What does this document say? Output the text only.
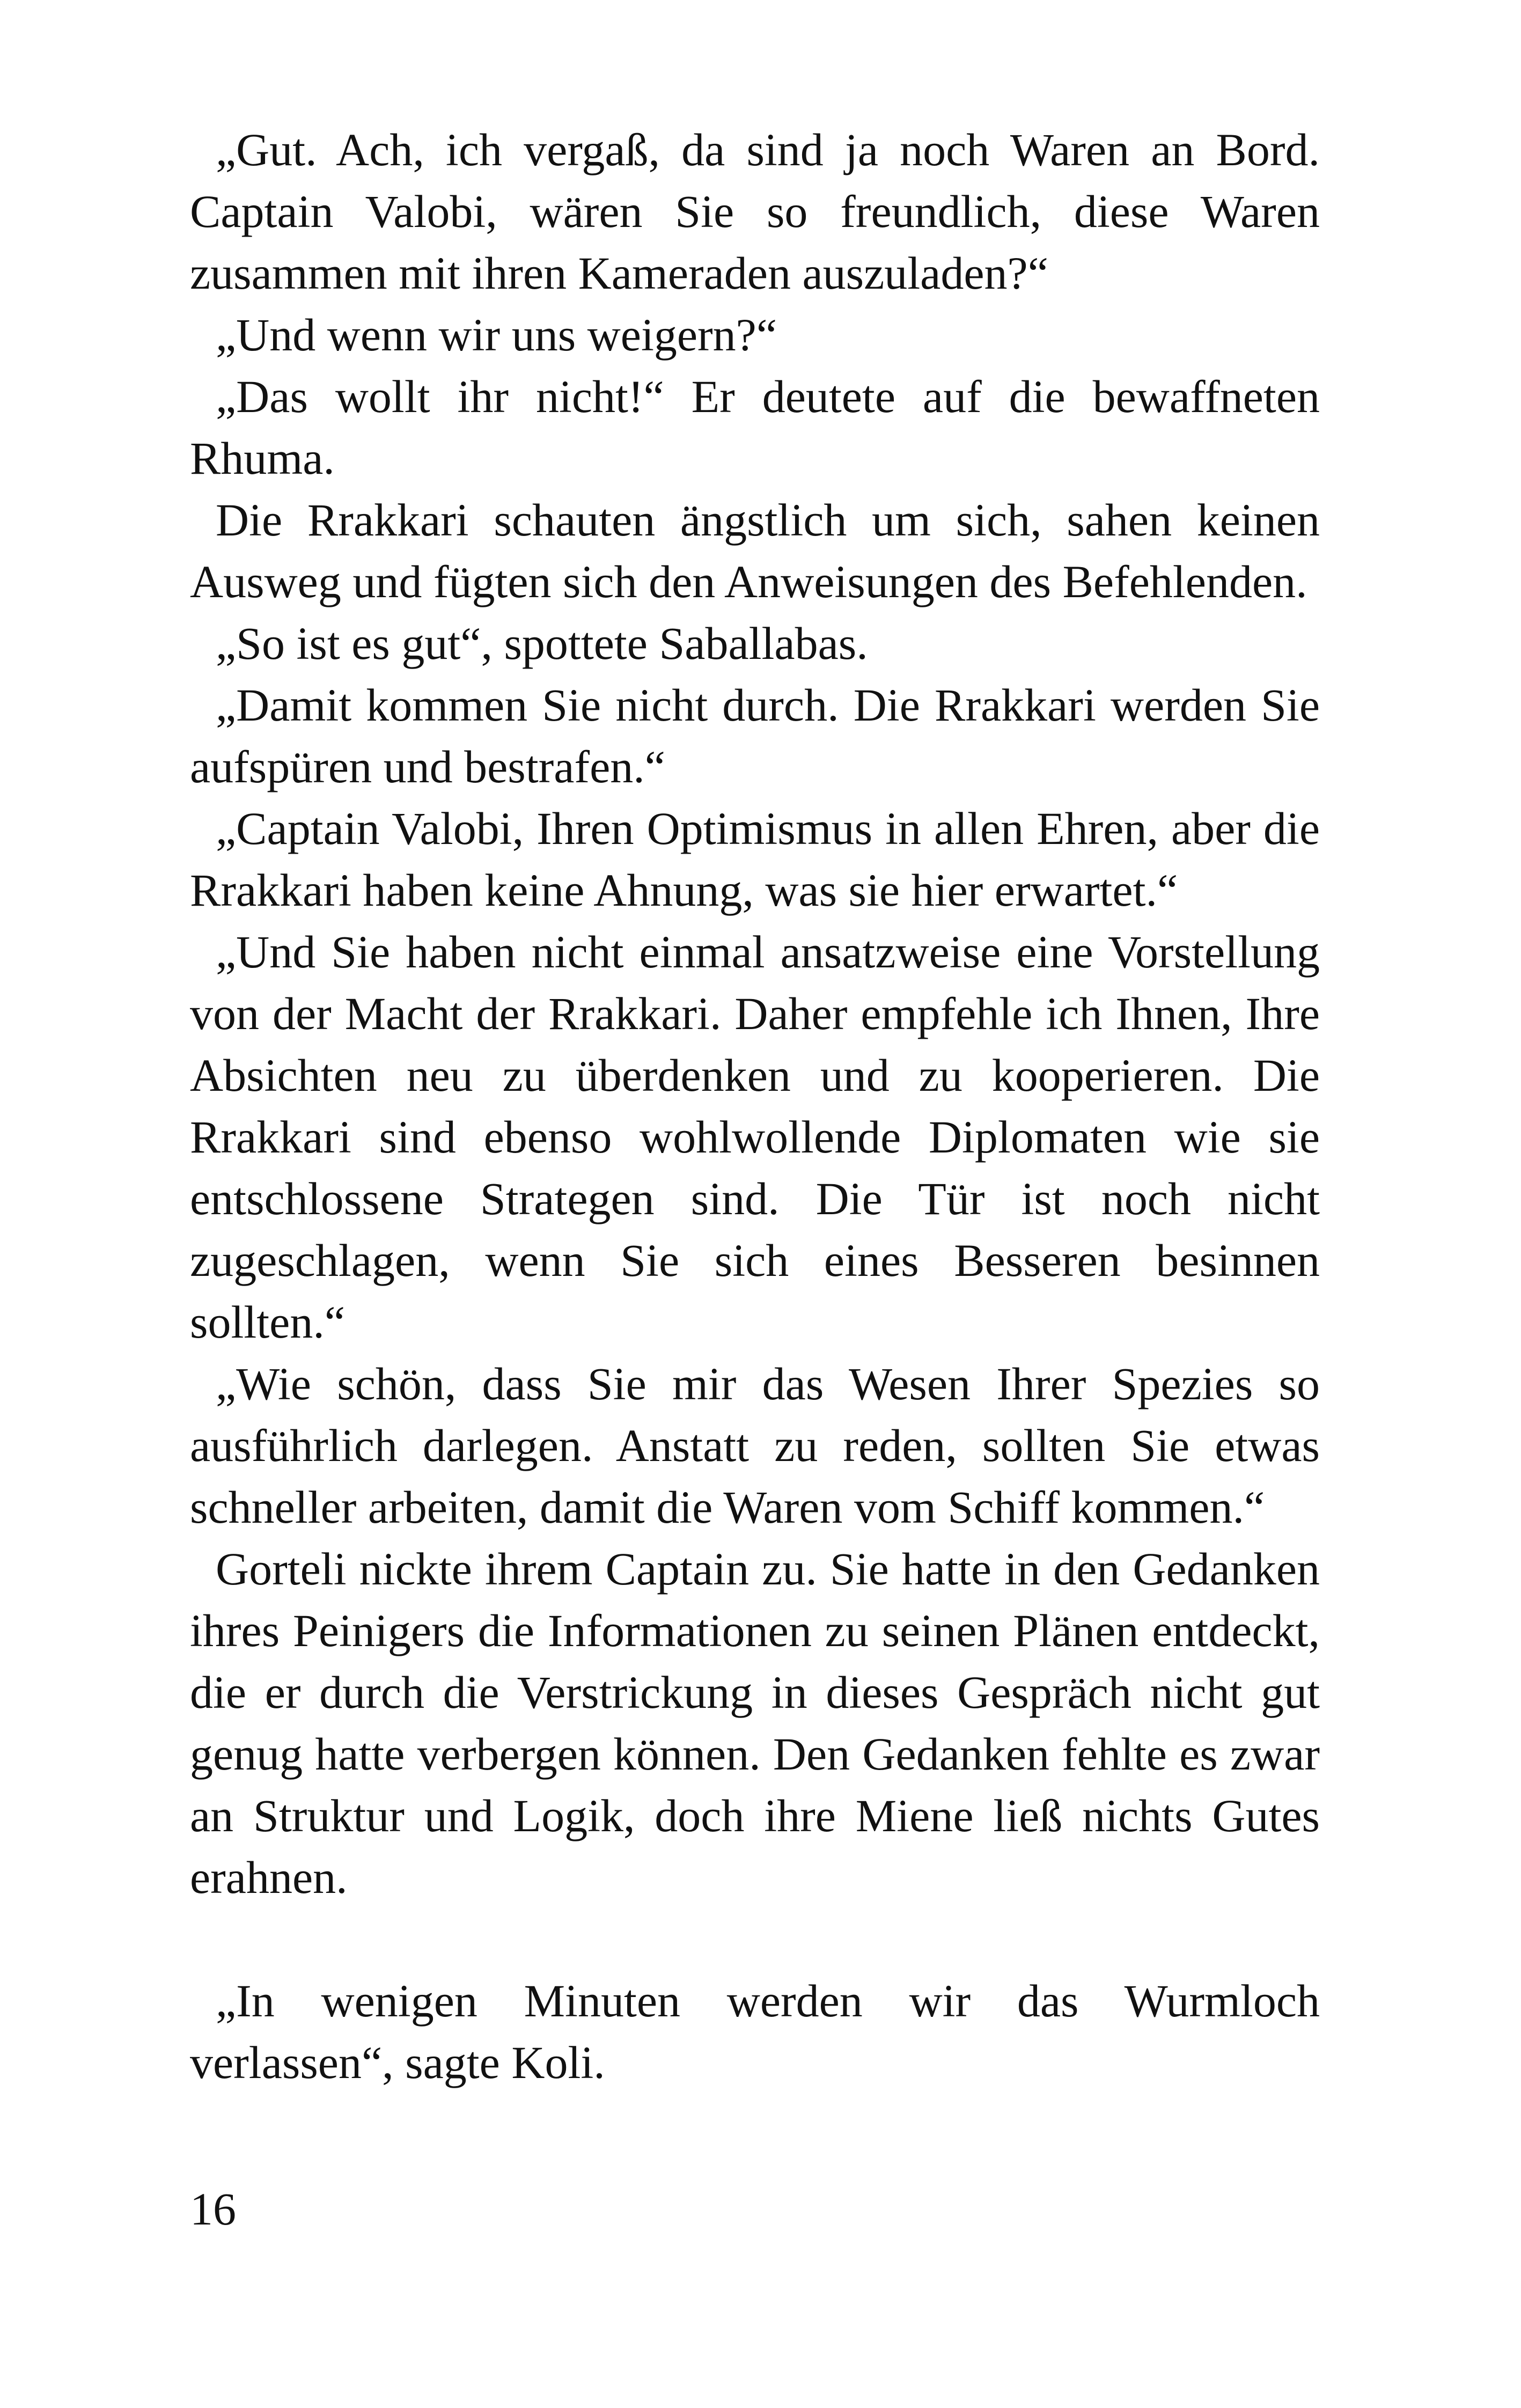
„Gut. Ach, ich vergaß, da sind ja noch Waren an Bord. Captain Valobi, wären Sie so freundlich, diese Waren zusammen mit ihren Kameraden auszuladen?“

„Und wenn wir uns weigern?“

„Das wollt ihr nicht!“ Er deutete auf die bewaffneten Rhuma.

Die Rrakkari schauten ängstlich um sich, sahen keinen Ausweg und fügten sich den Anweisungen des Befehlenden.

„So ist es gut“, spottete Saballabas.

„Damit kommen Sie nicht durch. Die Rrakkari werden Sie aufspüren und bestrafen.“

„Captain Valobi, Ihren Optimismus in allen Ehren, aber die Rrakkari haben keine Ahnung, was sie hier erwartet.“

„Und Sie haben nicht einmal ansatzweise eine Vorstellung von der Macht der Rrakkari. Daher empfehle ich Ihnen, Ihre Absichten neu zu überdenken und zu kooperieren. Die Rrakkari sind ebenso wohlwollende Diplomaten wie sie entschlossene Strategen sind. Die Tür ist noch nicht zugeschlagen, wenn Sie sich eines Besseren besinnen sollten.“

„Wie schön, dass Sie mir das Wesen Ihrer Spezies so ausführlich darlegen. Anstatt zu reden, sollten Sie etwas schneller arbeiten, damit die Waren vom Schiff kommen.“

Gorteli nickte ihrem Captain zu. Sie hatte in den Gedanken ihres Peinigers die Informationen zu seinen Plänen entdeckt, die er durch die Verstrickung in dieses Gespräch nicht gut genug hatte verbergen können. Den Gedanken fehlte es zwar an Struktur und Logik, doch ihre Miene ließ nichts Gutes erahnen.

„In wenigen Minuten werden wir das Wurmloch verlassen“, sagte Koli.

16
